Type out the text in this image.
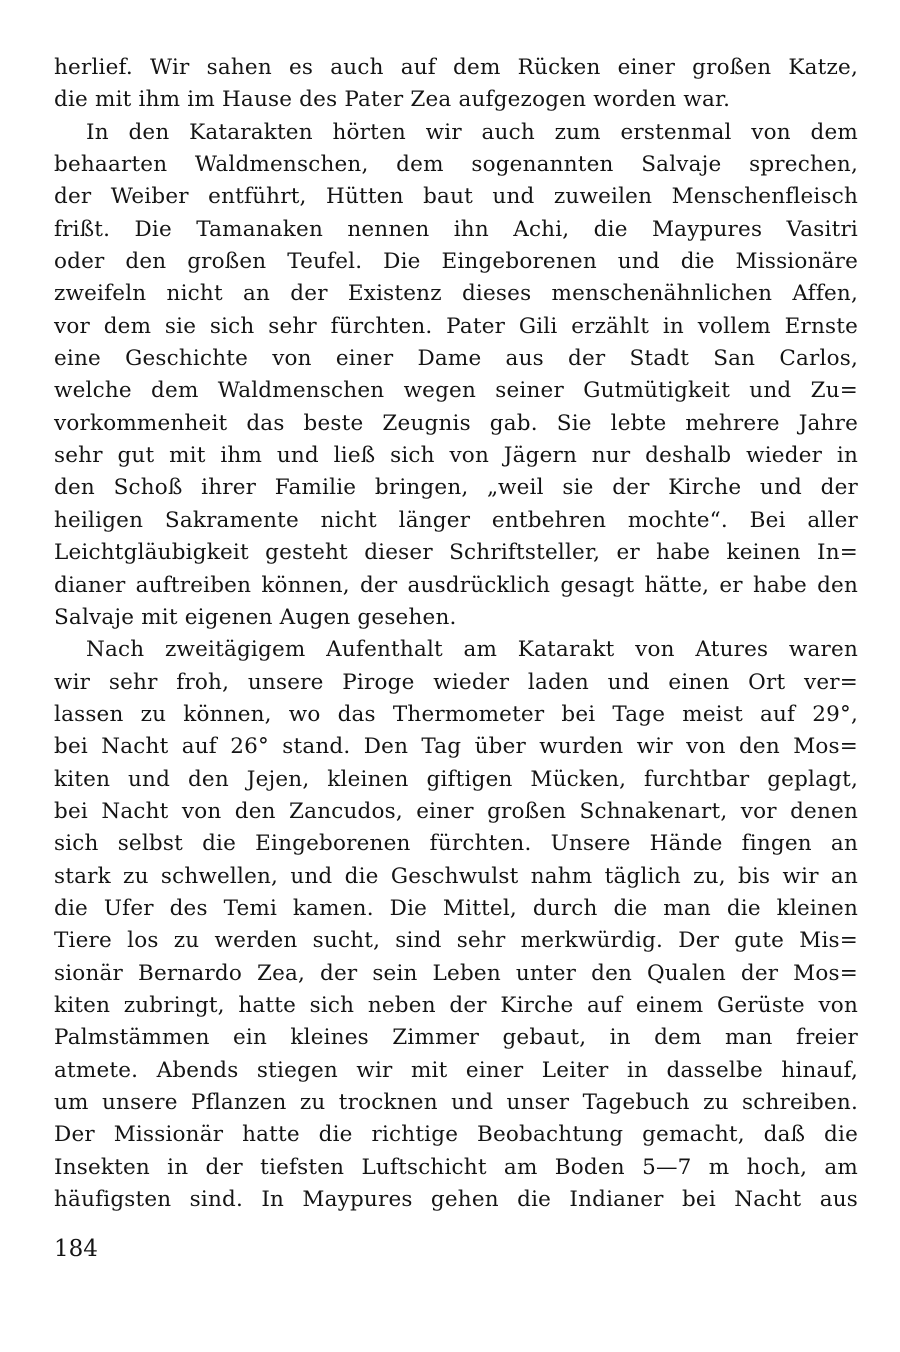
herlief. Wir sahen es auch auf dem Rücken einer großen Katze,
die mit ihm im Hause des Pater Zea aufgezogen worden war.
In den Katarakten hörten wir auch zum erstenmal von dem
behaarten Waldmenschen, dem sogenannten Salvaje sprechen,
der Weiber entführt, Hütten baut und zuweilen Menschenfleisch
frißt. Die Tamanaken nennen ihn Achi, die Maypures Vasitri
oder den großen Teufel. Die Eingeborenen und die Missionäre
zweifeln nicht an der Existenz dieses menschenähnlichen Affen,
vor dem sie sich sehr fürchten. Pater Gili erzählt in vollem Ernste
eine Geschichte von einer Dame aus der Stadt San Carlos,
welche dem Waldmenschen wegen seiner Gutmütigkeit und Zu=
vorkommenheit das beste Zeugnis gab. Sie lebte mehrere Jahre
sehr gut mit ihm und ließ sich von Jägern nur deshalb wieder in
den Schoß ihrer Familie bringen, „weil sie der Kirche und der
heiligen Sakramente nicht länger entbehren mochte“. Bei aller
Leichtgläubigkeit gesteht dieser Schriftsteller, er habe keinen In=
dianer auftreiben können, der ausdrücklich gesagt hätte, er habe den
Salvaje mit eigenen Augen gesehen.
Nach zweitägigem Aufenthalt am Katarakt von Atures waren
wir sehr froh, unsere Piroge wieder laden und einen Ort ver=
lassen zu können, wo das Thermometer bei Tage meist auf 29°,
bei Nacht auf 26° stand. Den Tag über wurden wir von den Mos=
kiten und den Jejen, kleinen giftigen Mücken, furchtbar geplagt,
bei Nacht von den Zancudos, einer großen Schnakenart, vor denen
sich selbst die Eingeborenen fürchten. Unsere Hände fingen an
stark zu schwellen, und die Geschwulst nahm täglich zu, bis wir an
die Ufer des Temi kamen. Die Mittel, durch die man die kleinen
Tiere los zu werden sucht, sind sehr merkwürdig. Der gute Mis=
sionär Bernardo Zea, der sein Leben unter den Qualen der Mos=
kiten zubringt, hatte sich neben der Kirche auf einem Gerüste von
Palmstämmen ein kleines Zimmer gebaut, in dem man freier
atmete. Abends stiegen wir mit einer Leiter in dasselbe hinauf,
um unsere Pflanzen zu trocknen und unser Tagebuch zu schreiben.
Der Missionär hatte die richtige Beobachtung gemacht, daß die
Insekten in der tiefsten Luftschicht am Boden 5—7 m hoch, am
häufigsten sind. In Maypures gehen die Indianer bei Nacht aus
184
